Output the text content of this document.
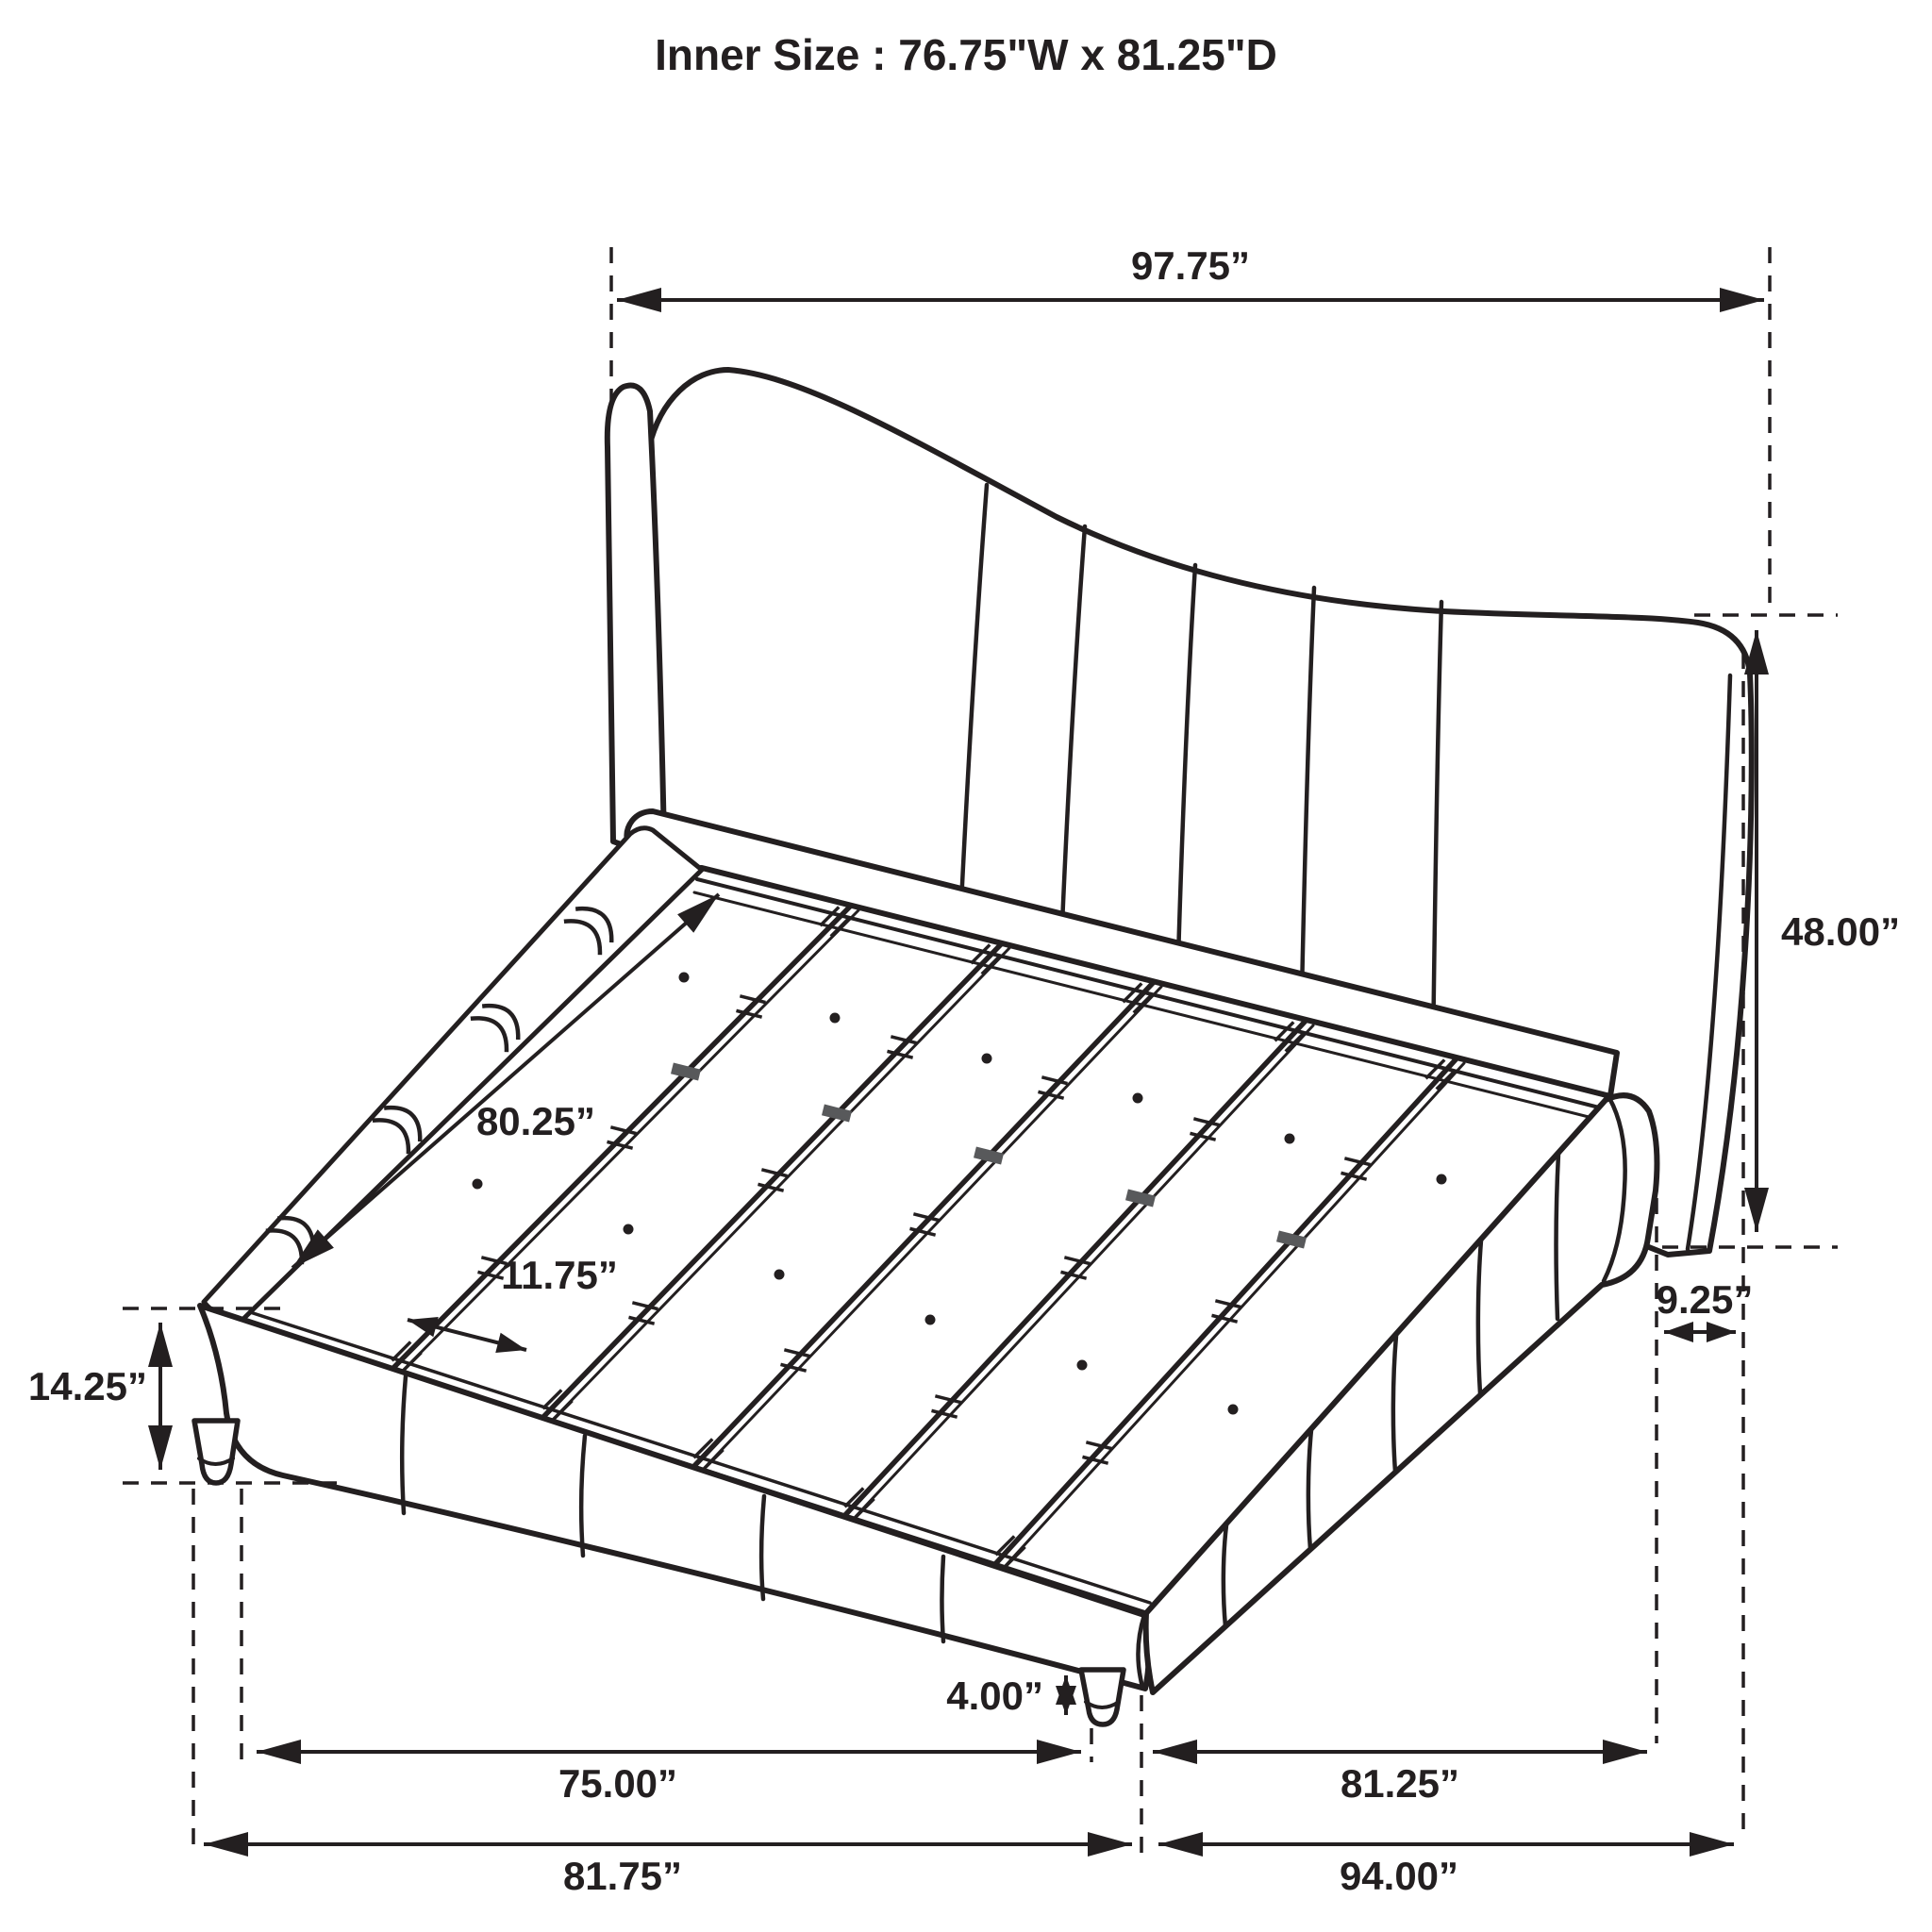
97.75”
48.00”
9.25”
14.25”
80.25”
11.75”
4.00”
75.00”	81.25”
81.75”	94.00”
Inner Size : 76.75"W x 81.25"D
